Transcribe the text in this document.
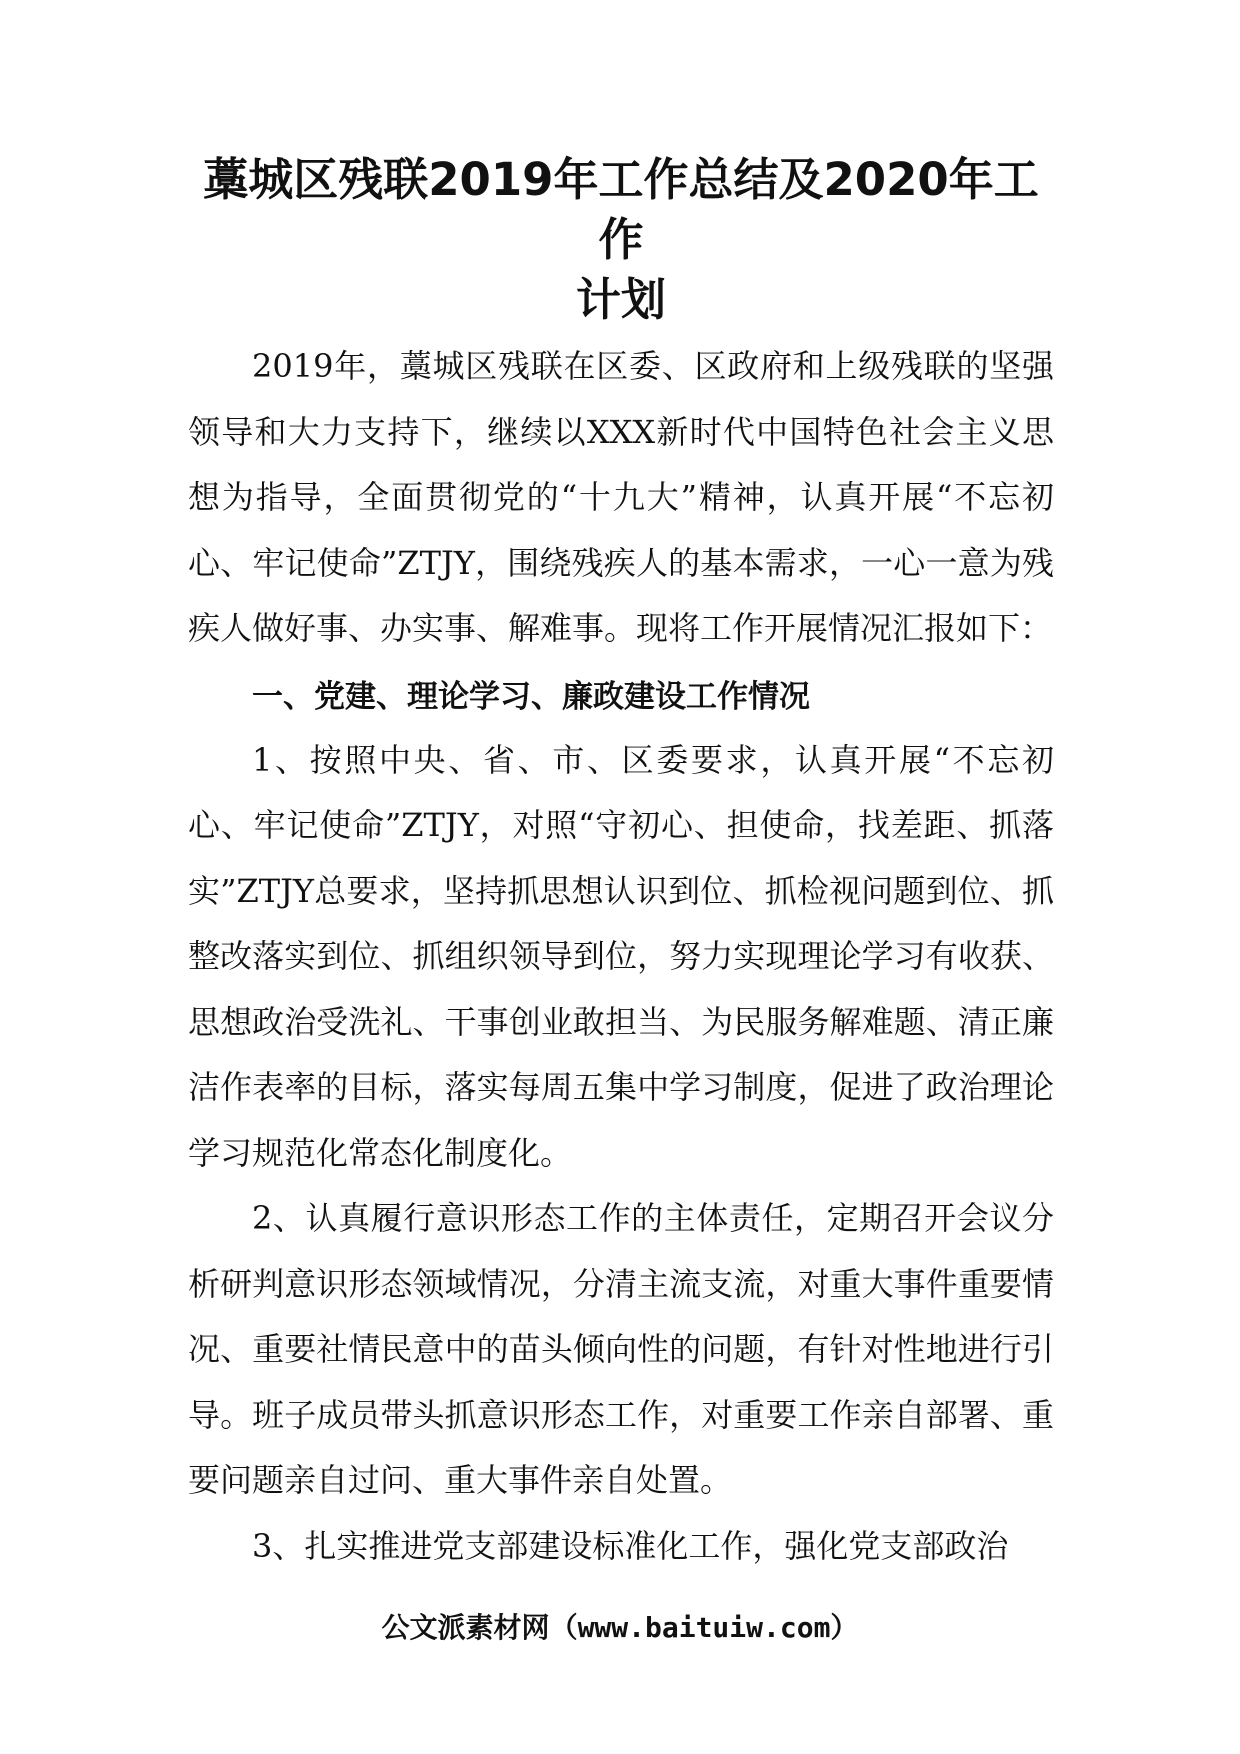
藁城区残联2019年工作总结及2020年工作
计划

2019年，藁城区残联在区委、区政府和上级残联的坚强领导和大力支持下，继续以XXX新时代中国特色社会主义思想为指导，全面贯彻党的“十九大”精神，认真开展“不忘初心、牢记使命”ZTJY，围绕残疾人的基本需求，一心一意为残疾人做好事、办实事、解难事。现将工作开展情况汇报如下：

一、党建、理论学习、廉政建设工作情况

1、按照中央、省、市、区委要求，认真开展“不忘初心、牢记使命”ZTJY，对照“守初心、担使命，找差距、抓落实”ZTJY总要求，坚持抓思想认识到位、抓检视问题到位、抓整改落实到位、抓组织领导到位，努力实现理论学习有收获、思想政治受洗礼、干事创业敢担当、为民服务解难题、清正廉洁作表率的目标，落实每周五集中学习制度，促进了政治理论学习规范化常态化制度化。

2、认真履行意识形态工作的主体责任，定期召开会议分析研判意识形态领域情况，分清主流支流，对重大事件重要情况、重要社情民意中的苗头倾向性的问题，有针对性地进行引导。班子成员带头抓意识形态工作，对重要工作亲自部署、重要问题亲自过问、重大事件亲自处置。

3、扎实推进党支部建设标准化工作，强化党支部政治

公文派素材网（www.baituiw.com）
